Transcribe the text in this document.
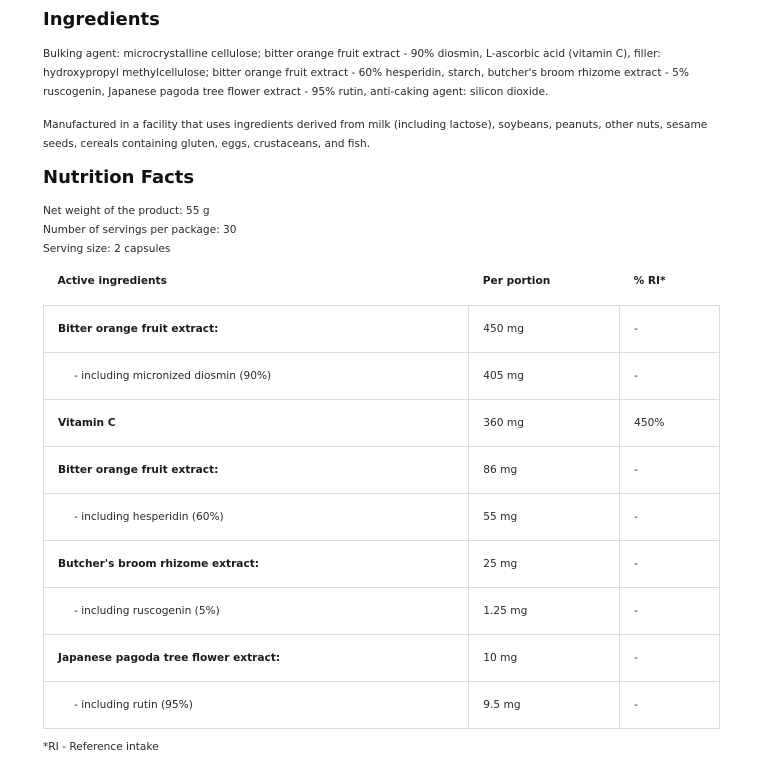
Ingredients

Bulking agent: microcrystalline cellulose; bitter orange fruit extract - 90% diosmin, L-ascorbic acid (vitamin C), filler: hydroxypropyl methylcellulose; bitter orange fruit extract - 60% hesperidin, starch, butcher's broom rhizome extract - 5% ruscogenin, Japanese pagoda tree flower extract - 95% rutin, anti-caking agent: silicon dioxide.

Manufactured in a facility that uses ingredients derived from milk (including lactose), soybeans, peanuts, other nuts, sesame seeds, cereals containing gluten, eggs, crustaceans, and fish.

Nutrition Facts
Net weight of the product: 55 g
Number of servings per package: 30
Serving size: 2 capsules
Active ingredients	Per portion	% RI*
Bitter orange fruit extract:	450 mg	-
- including micronized diosmin (90%)	405 mg	-
Vitamin C	360 mg	450%
Bitter orange fruit extract:	86 mg	-
- including hesperidin (60%)	55 mg	-
Butcher's broom rhizome extract:	25 mg	-
- including ruscogenin (5%)	1.25 mg	-
Japanese pagoda tree flower extract:	10 mg	-
- including rutin (95%)	9.5 mg	-
*RI - Reference intake
